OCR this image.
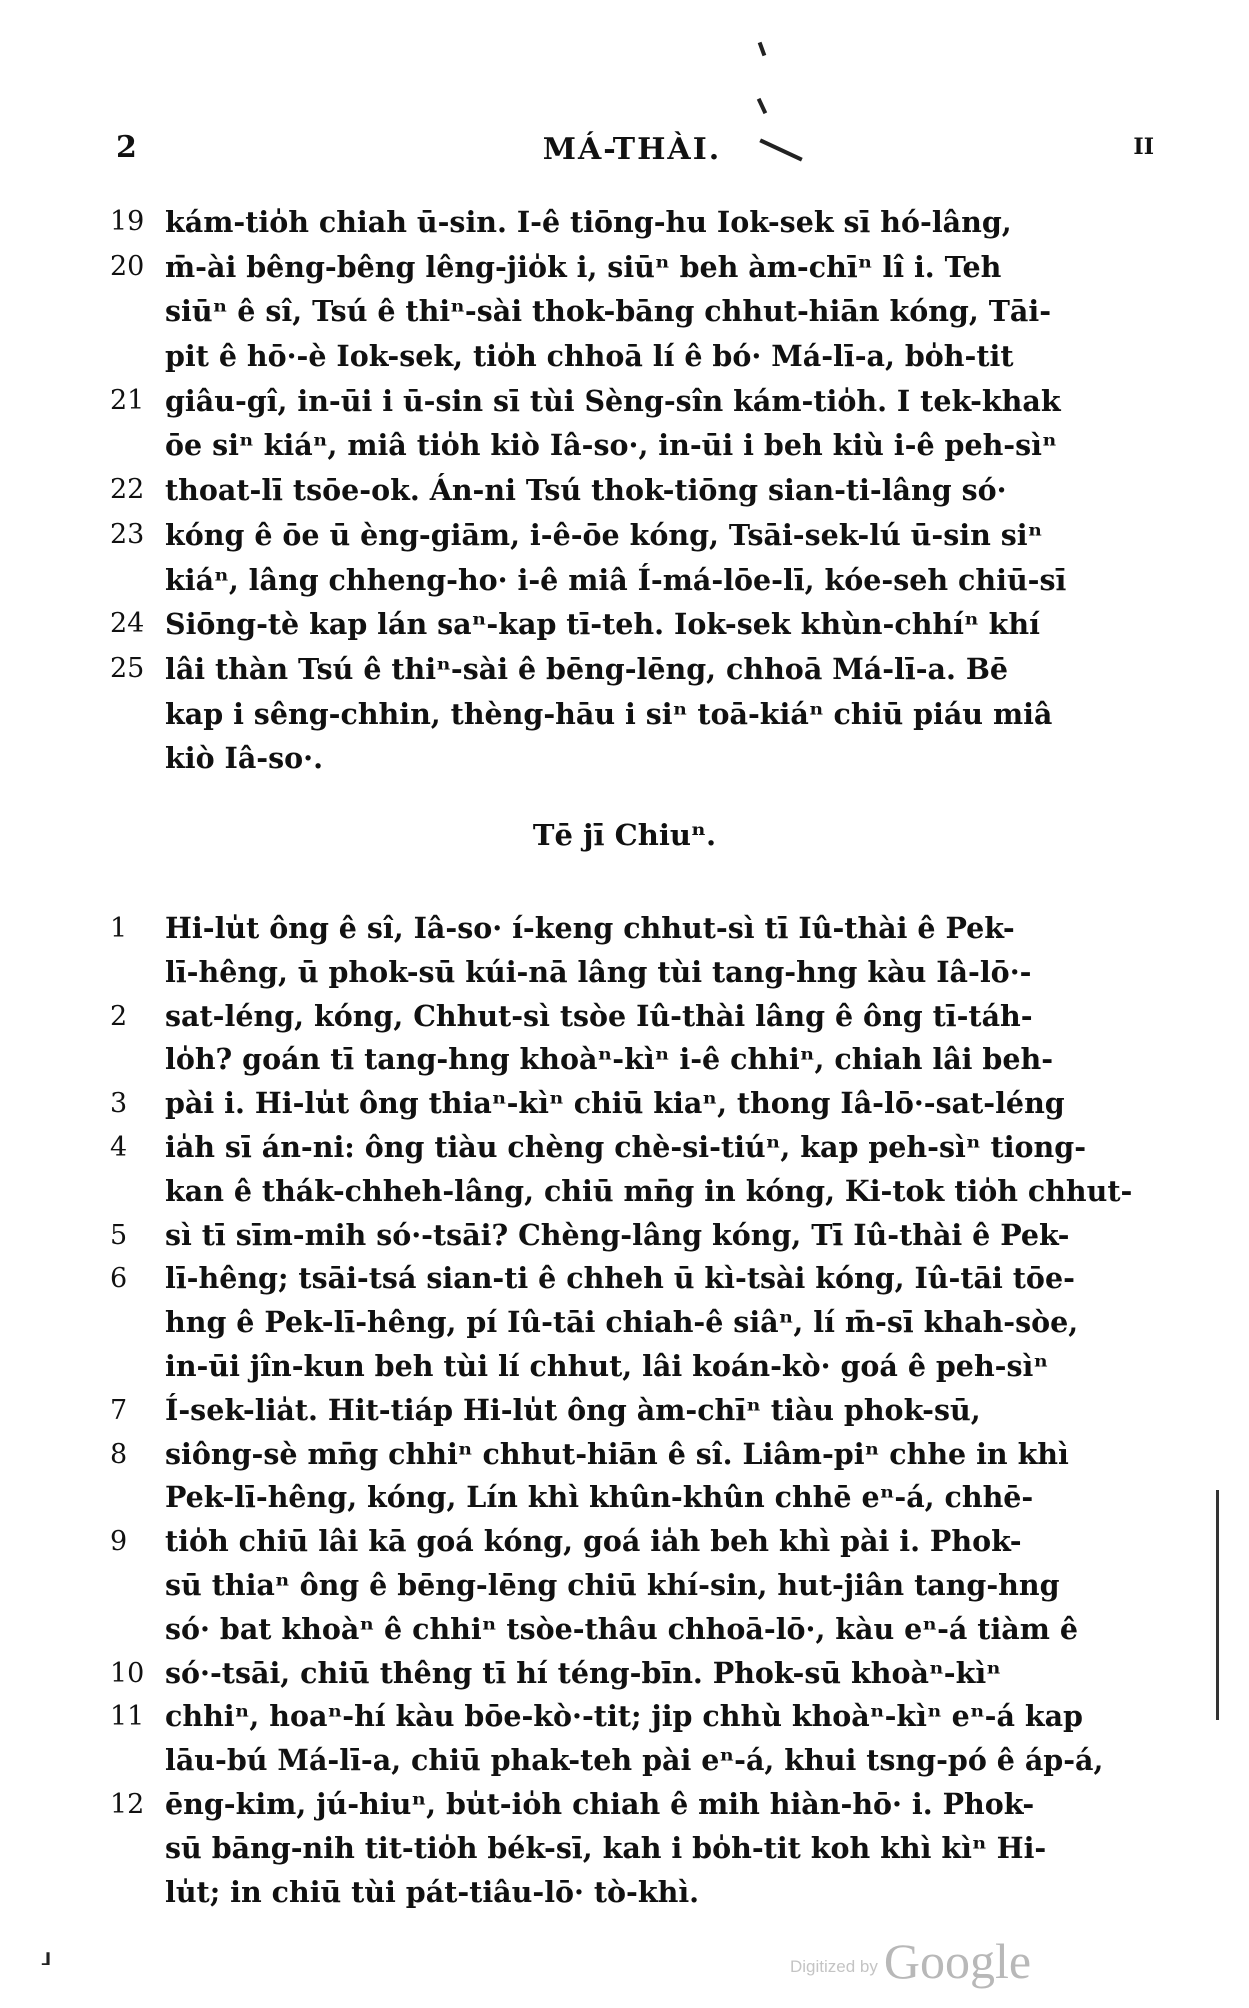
2	MÁ-THÀI.	II
19 kám-tio̍h chiah ū-sin. I-ê tiōng-hu Iok-sek sī hó-lâng,
20 m̄-ài bêng-bêng lêng-jio̍k i, siūⁿ beh àm-chīⁿ lî i. Teh
siūⁿ ê sî, Tsú ê thiⁿ-sài thok-bāng chhut-hiān kóng, Tāi-
pit ê hō·-è Iok-sek, tio̍h chhoā lí ê bó· Má-lī-a, bo̍h-tit
21 giâu-gî, in-ūi i ū-sin sī tùi Sèng-sîn kám-tio̍h. I tek-khak
ōe siⁿ kiáⁿ, miâ tio̍h kiò Iâ-so·, in-ūi i beh kiù i-ê peh-sìⁿ
22 thoat-lī tsōe-ok. Án-ni Tsú thok-tiōng sian-ti-lâng só·
23 kóng ê ōe ū èng-giām, i-ê-ōe kóng, Tsāi-sek-lú ū-sin siⁿ
kiáⁿ, lâng chheng-ho· i-ê miâ Í-má-lōe-lī, kóe-seh chiū-sī
24 Siōng-tè kap lán saⁿ-kap tī-teh. Iok-sek khùn-chhíⁿ khí
25 lâi thàn Tsú ê thiⁿ-sài ê bēng-lēng, chhoā Má-lī-a. Bē
kap i sêng-chhin, thèng-hāu i siⁿ toā-kiáⁿ chiū piáu miâ
kiò Iâ-so·.
Tē jī Chiuⁿ.
1	Hi-lu̍t ông ê sî, Iâ-so· í-keng chhut-sì tī Iû-thài ê Pek-
lī-hêng, ū phok-sū kúi-nā lâng tùi tang-hng kàu Iâ-lō·-
2	sat-léng, kóng, Chhut-sì tsòe Iû-thài lâng ê ông tī-táh-
lo̍h? goán tī tang-hng khoàⁿ-kìⁿ i-ê chhiⁿ, chiah lâi beh-
3	pài i. Hi-lu̍t ông thiaⁿ-kìⁿ chiū kiaⁿ, thong Iâ-lō·-sat-léng
4	ia̍h sī án-ni: ông tiàu chèng chè-si-tiúⁿ, kap peh-sìⁿ tiong-
kan ê thák-chheh-lâng, chiū mn̄g in kóng, Ki-tok tio̍h chhut-
5	sì tī sīm-mih só·-tsāi? Chèng-lâng kóng, Tī Iû-thài ê Pek-
6	lī-hêng; tsāi-tsá sian-ti ê chheh ū kì-tsài kóng, Iû-tāi tōe-
hng ê Pek-lī-hêng, pí Iû-tāi chiah-ê siâⁿ, lí m̄-sī khah-sòe,
in-ūi jîn-kun beh tùi lí chhut, lâi koán-kò· goá ê peh-sìⁿ
7	Í-sek-lia̍t. Hit-tiáp Hi-lu̍t ông àm-chīⁿ tiàu phok-sū,
8	siông-sè mn̄g chhiⁿ chhut-hiān ê sî. Liâm-piⁿ chhe in khì
Pek-lī-hêng, kóng, Lín khì khûn-khûn chhē eⁿ-á, chhē-
9	tio̍h chiū lâi kā goá kóng, goá ia̍h beh khì pài i. Phok-
sū thiaⁿ ông ê bēng-lēng chiū khí-sin, hut-jiân tang-hng
só· bat khoàⁿ ê chhiⁿ tsòe-thâu chhoā-lō·, kàu eⁿ-á tiàm ê
10 só·-tsāi, chiū thêng tī hí téng-bīn. Phok-sū khoàⁿ-kìⁿ
11 chhiⁿ, hoaⁿ-hí kàu bōe-kò·-tit; jip chhù khoàⁿ-kìⁿ eⁿ-á kap
lāu-bú Má-lī-a, chiū phak-teh pài eⁿ-á, khui tsng-pó ê áp-á,
12 ēng-kim, jú-hiuⁿ, bu̍t-io̍h chiah ê mih hiàn-hō· i. Phok-
sū bāng-nih tit-tio̍h bék-sī, kah i bo̍h-tit koh khì kìⁿ Hi-
lu̍t; in chiū tùi pát-tiâu-lō· tò-khì.
┚	Digitized by Google
